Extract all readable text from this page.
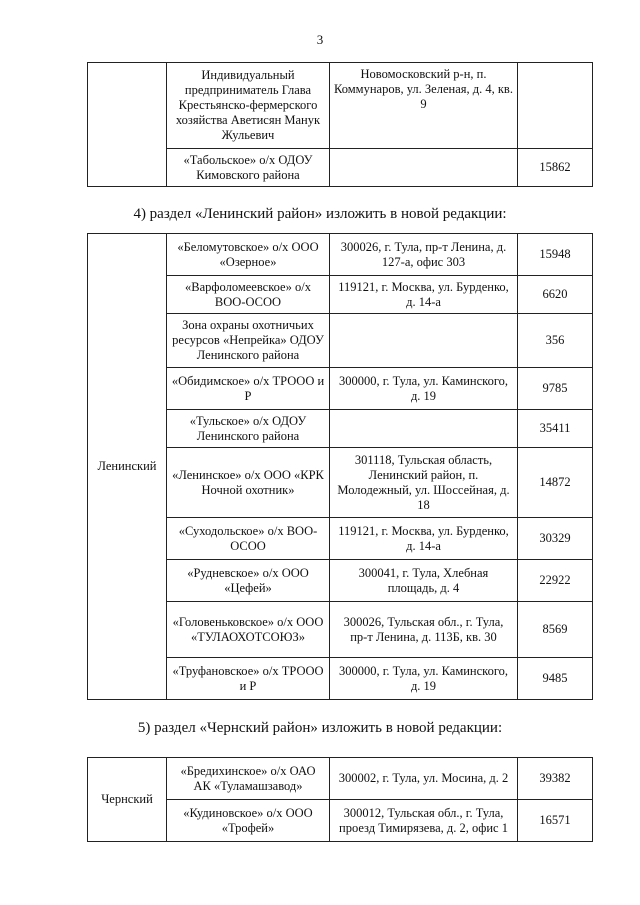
3
	Индивидуальный предприниматель Глава Крестьянско-фермерского хозяйства Аветисян Манук Жульевич	Новомосковский р-н, п. Коммунаров, ул. Зеленая, д. 4, кв. 9	
	«Табольское» о/х ОДОУ Кимовского района		15862
4) раздел «Ленинский район» изложить в новой редакции:
Ленинский	«Беломутовское» о/х ООО «Озерное»	300026, г. Тула, пр-т Ленина, д. 127-а, офис 303	15948
	«Варфоломеевское» о/х ВОО-ОСОО	119121, г. Москва, ул. Бурденко, д. 14-а	6620
	Зона охраны охотничьих ресурсов «Непрейка» ОДОУ Ленинского района		356
	«Обидимское» о/х ТРООО и Р	300000, г. Тула, ул. Каминского, д. 19	9785
	«Тульское» о/х ОДОУ Ленинского района		35411
	«Ленинское» о/х ООО «КРК Ночной охотник»	301118, Тульская область, Ленинский район, п. Молодежный, ул. Шоссейная, д. 18	14872
	«Суходольское» о/х ВОО-ОСОО	119121, г. Москва, ул. Бурденко, д. 14-а	30329
	«Рудневское» о/х ООО «Цефей»	300041, г. Тула, Хлебная площадь, д. 4	22922
	«Головеньковское» о/х ООО «ТУЛАОХОТСОЮЗ»	300026, Тульская обл., г. Тула, пр-т Ленина, д. 113Б, кв. 30	8569
	«Труфановское» о/х ТРООО и Р	300000, г. Тула, ул. Каминского, д. 19	9485
5) раздел «Чернский район» изложить в новой редакции:
Чернский	«Бредихинское» о/х ОАО АК «Туламашзавод»	300002, г. Тула, ул. Мосина, д. 2	39382
	«Кудиновское» о/х ООО «Трофей»	300012, Тульская обл., г. Тула, проезд Тимирязева, д. 2, офис 1	16571
